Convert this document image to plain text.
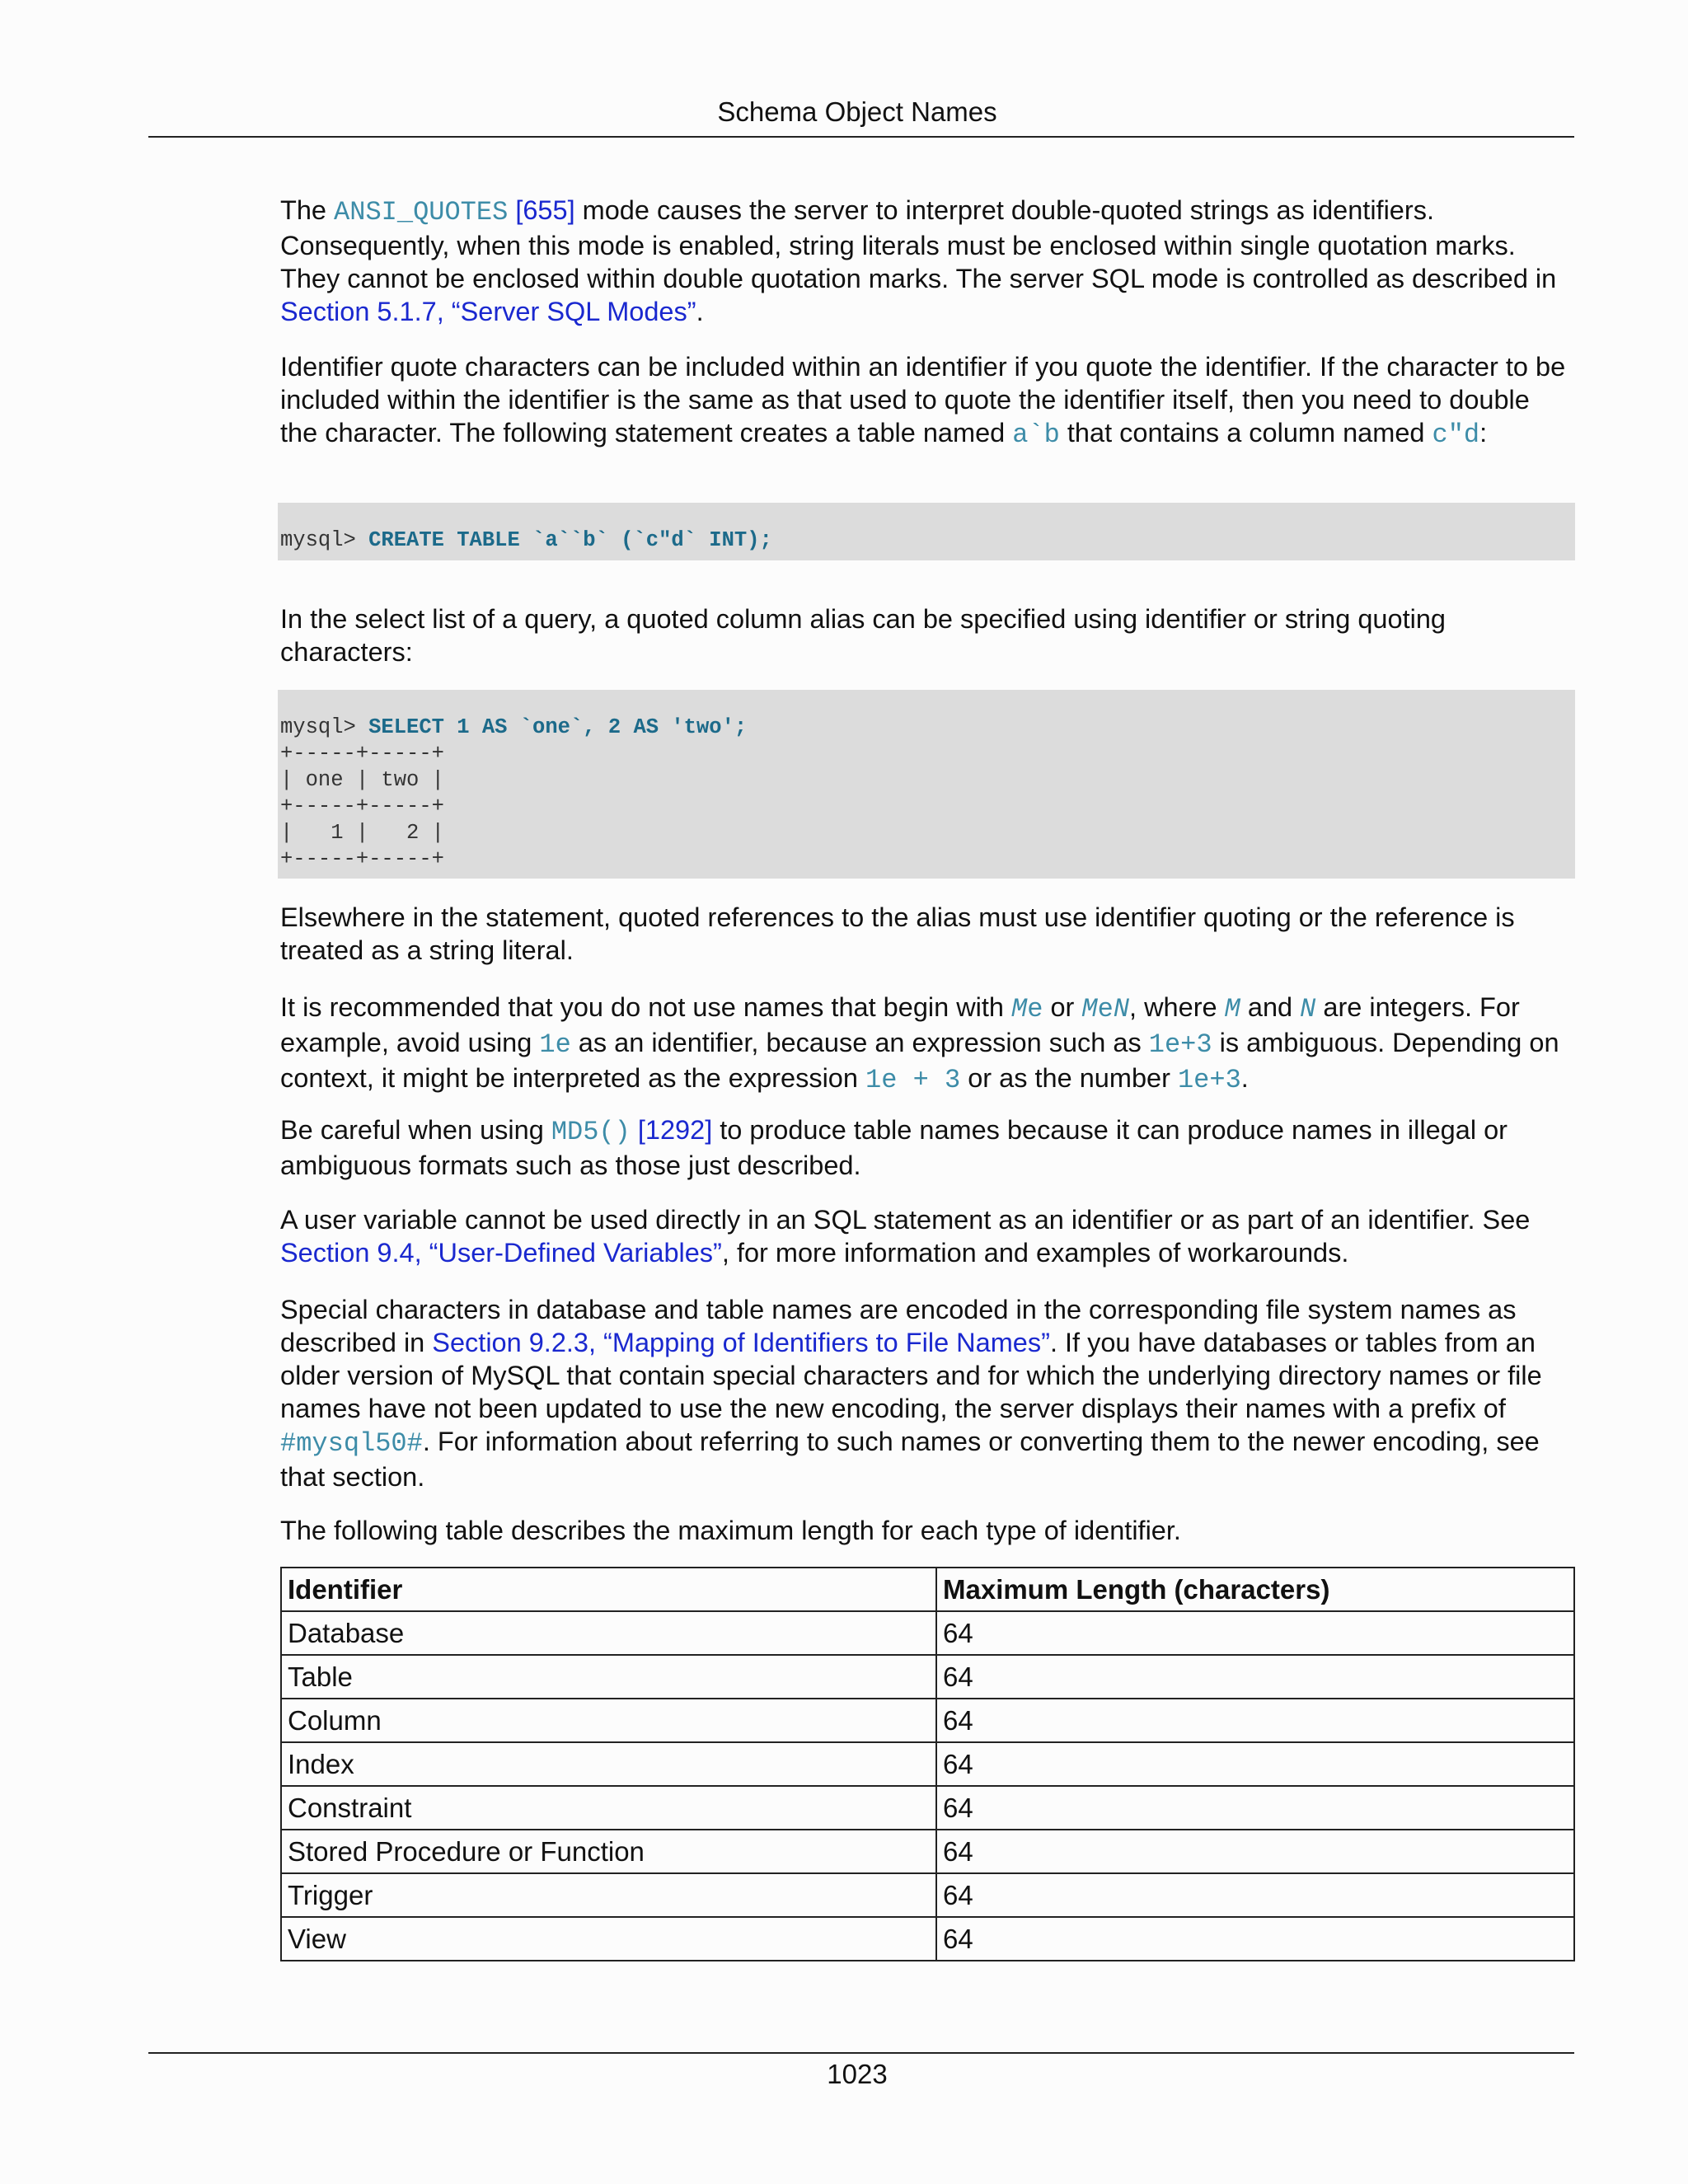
Schema Object Names

The ANSI_QUOTES [655] mode causes the server to interpret double-quoted strings as identifiers. Consequently, when this mode is enabled, string literals must be enclosed within single quotation marks. They cannot be enclosed within double quotation marks. The server SQL mode is controlled as described in Section 5.1.7, “Server SQL Modes”.

Identifier quote characters can be included within an identifier if you quote the identifier. If the character to be included within the identifier is the same as that used to quote the identifier itself, then you need to double the character. The following statement creates a table named a`b that contains a column named c"d:

mysql> CREATE TABLE `a``b` (`c"d` INT);

In the select list of a query, a quoted column alias can be specified using identifier or string quoting characters:

mysql> SELECT 1 AS `one`, 2 AS 'two';
+-----+-----+
| one | two |
+-----+-----+
|   1 |   2 |
+-----+-----+

Elsewhere in the statement, quoted references to the alias must use identifier quoting or the reference is treated as a string literal.

It is recommended that you do not use names that begin with Me or MeN, where M and N are integers. For example, avoid using 1e as an identifier, because an expression such as 1e+3 is ambiguous. Depending on context, it might be interpreted as the expression 1e + 3 or as the number 1e+3.

Be careful when using MD5() [1292] to produce table names because it can produce names in illegal or ambiguous formats such as those just described.

A user variable cannot be used directly in an SQL statement as an identifier or as part of an identifier. See Section 9.4, “User-Defined Variables”, for more information and examples of workarounds.

Special characters in database and table names are encoded in the corresponding file system names as described in Section 9.2.3, “Mapping of Identifiers to File Names”. If you have databases or tables from an older version of MySQL that contain special characters and for which the underlying directory names or file names have not been updated to use the new encoding, the server displays their names with a prefix of #mysql50#. For information about referring to such names or converting them to the newer encoding, see that section.

The following table describes the maximum length for each type of identifier.

Identifier	Maximum Length (characters)
Database	64
Table	64
Column	64
Index	64
Constraint	64
Stored Procedure or Function	64
Trigger	64
View	64
1023
